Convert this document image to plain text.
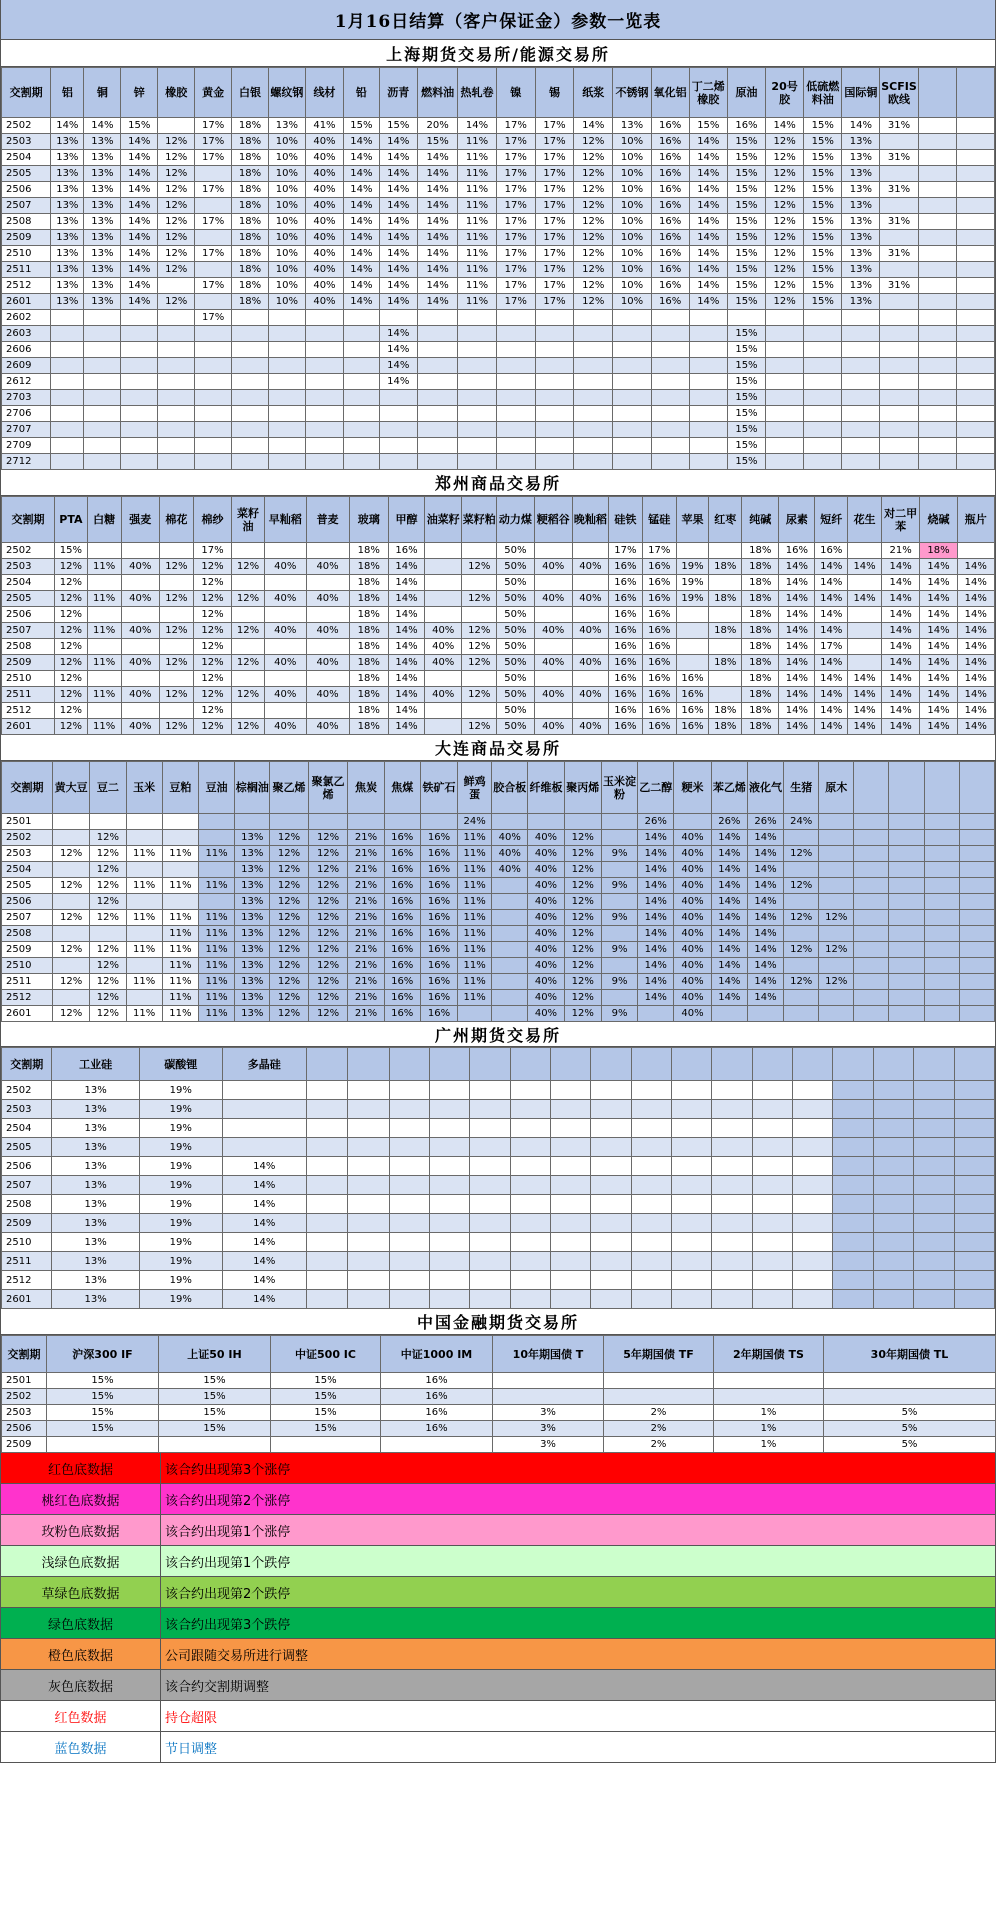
1月16日结算（客户保证金）参数一览表
上海期货交易所/能源交易所
交割期	铝	铜	锌	橡胶	黄金	白银	螺纹钢	线材	铅	沥青	燃料油	热轧卷	镍	锡	纸浆	不锈钢	氧化铝	丁二烯橡胶	原油	20号胶	低硫燃料油	国际铜	SCFIS欧线		
2502	14%	14%	15%		17%	18%	13%	41%	15%	15%	20%	14%	17%	17%	14%	13%	16%	15%	16%	14%	15%	14%	31%		
2503	13%	13%	14%	12%	17%	18%	10%	40%	14%	14%	15%	11%	17%	17%	12%	10%	16%	14%	15%	12%	15%	13%			
2504	13%	13%	14%	12%	17%	18%	10%	40%	14%	14%	14%	11%	17%	17%	12%	10%	16%	14%	15%	12%	15%	13%	31%		
2505	13%	13%	14%	12%		18%	10%	40%	14%	14%	14%	11%	17%	17%	12%	10%	16%	14%	15%	12%	15%	13%			
2506	13%	13%	14%	12%	17%	18%	10%	40%	14%	14%	14%	11%	17%	17%	12%	10%	16%	14%	15%	12%	15%	13%	31%		
2507	13%	13%	14%	12%		18%	10%	40%	14%	14%	14%	11%	17%	17%	12%	10%	16%	14%	15%	12%	15%	13%			
2508	13%	13%	14%	12%	17%	18%	10%	40%	14%	14%	14%	11%	17%	17%	12%	10%	16%	14%	15%	12%	15%	13%	31%		
2509	13%	13%	14%	12%		18%	10%	40%	14%	14%	14%	11%	17%	17%	12%	10%	16%	14%	15%	12%	15%	13%			
2510	13%	13%	14%	12%	17%	18%	10%	40%	14%	14%	14%	11%	17%	17%	12%	10%	16%	14%	15%	12%	15%	13%	31%		
2511	13%	13%	14%	12%		18%	10%	40%	14%	14%	14%	11%	17%	17%	12%	10%	16%	14%	15%	12%	15%	13%			
2512	13%	13%	14%		17%	18%	10%	40%	14%	14%	14%	11%	17%	17%	12%	10%	16%	14%	15%	12%	15%	13%	31%		
2601	13%	13%	14%	12%		18%	10%	40%	14%	14%	14%	11%	17%	17%	12%	10%	16%	14%	15%	12%	15%	13%			
2602					17%																				
2603										14%									15%						
2606										14%									15%						
2609										14%									15%						
2612										14%									15%						
2703																			15%						
2706																			15%						
2707																			15%						
2709																			15%						
2712																			15%						
郑州商品交易所
交割期	PTA	白糖	强麦	棉花	棉纱	菜籽油	早籼稻	普麦	玻璃	甲醇	油菜籽	菜籽粕	动力煤	粳稻谷	晚籼稻	硅铁	锰硅	苹果	红枣	纯碱	尿素	短纤	花生	对二甲苯	烧碱	瓶片
2502	15%				17%				18%	16%			50%			17%	17%			18%	16%	16%		21%	18%	
2503	12%	11%	40%	12%	12%	12%	40%	40%	18%	14%		12%	50%	40%	40%	16%	16%	19%	18%	18%	14%	14%	14%	14%	14%	14%
2504	12%				12%				18%	14%			50%			16%	16%	19%		18%	14%	14%		14%	14%	14%
2505	12%	11%	40%	12%	12%	12%	40%	40%	18%	14%		12%	50%	40%	40%	16%	16%	19%	18%	18%	14%	14%	14%	14%	14%	14%
2506	12%				12%				18%	14%			50%			16%	16%			18%	14%	14%		14%	14%	14%
2507	12%	11%	40%	12%	12%	12%	40%	40%	18%	14%	40%	12%	50%	40%	40%	16%	16%		18%	18%	14%	14%		14%	14%	14%
2508	12%				12%				18%	14%	40%	12%	50%			16%	16%			18%	14%	17%		14%	14%	14%
2509	12%	11%	40%	12%	12%	12%	40%	40%	18%	14%	40%	12%	50%	40%	40%	16%	16%		18%	18%	14%	14%		14%	14%	14%
2510	12%				12%				18%	14%			50%			16%	16%	16%		18%	14%	14%	14%	14%	14%	14%
2511	12%	11%	40%	12%	12%	12%	40%	40%	18%	14%	40%	12%	50%	40%	40%	16%	16%	16%		18%	14%	14%	14%	14%	14%	14%
2512	12%				12%				18%	14%			50%			16%	16%	16%	18%	18%	14%	14%	14%	14%	14%	14%
2601	12%	11%	40%	12%	12%	12%	40%	40%	18%	14%		12%	50%	40%	40%	16%	16%	16%	18%	18%	14%	14%	14%	14%	14%	14%
大连商品交易所
交割期	黄大豆	豆二	玉米	豆粕	豆油	棕榈油	聚乙烯	聚氯乙烯	焦炭	焦煤	铁矿石	鲜鸡蛋	胶合板	纤维板	聚丙烯	玉米淀粉	乙二醇	粳米	苯乙烯	液化气	生猪	原木				
2501												24%					26%		26%	26%	24%					
2502		12%				13%	12%	12%	21%	16%	16%	11%	40%	40%	12%		14%	40%	14%	14%						
2503	12%	12%	11%	11%	11%	13%	12%	12%	21%	16%	16%	11%	40%	40%	12%	9%	14%	40%	14%	14%	12%					
2504		12%				13%	12%	12%	21%	16%	16%	11%	40%	40%	12%		14%	40%	14%	14%						
2505	12%	12%	11%	11%	11%	13%	12%	12%	21%	16%	16%	11%		40%	12%	9%	14%	40%	14%	14%	12%					
2506		12%				13%	12%	12%	21%	16%	16%	11%		40%	12%		14%	40%	14%	14%						
2507	12%	12%	11%	11%	11%	13%	12%	12%	21%	16%	16%	11%		40%	12%	9%	14%	40%	14%	14%	12%	12%				
2508				11%	11%	13%	12%	12%	21%	16%	16%	11%		40%	12%		14%	40%	14%	14%						
2509	12%	12%	11%	11%	11%	13%	12%	12%	21%	16%	16%	11%		40%	12%	9%	14%	40%	14%	14%	12%	12%				
2510		12%		11%	11%	13%	12%	12%	21%	16%	16%	11%		40%	12%		14%	40%	14%	14%						
2511	12%	12%	11%	11%	11%	13%	12%	12%	21%	16%	16%	11%		40%	12%	9%	14%	40%	14%	14%	12%	12%				
2512		12%		11%	11%	13%	12%	12%	21%	16%	16%	11%		40%	12%		14%	40%	14%	14%						
2601	12%	12%	11%	11%	11%	13%	12%	12%	21%	16%	16%			40%	12%	9%		40%								
广州期货交易所
交割期	工业硅	碳酸锂	多晶硅																	
2502	13%	19%																		
2503	13%	19%																		
2504	13%	19%																		
2505	13%	19%																		
2506	13%	19%	14%																	
2507	13%	19%	14%																	
2508	13%	19%	14%																	
2509	13%	19%	14%																	
2510	13%	19%	14%																	
2511	13%	19%	14%																	
2512	13%	19%	14%																	
2601	13%	19%	14%																	
中国金融期货交易所
交割期	沪深300 IF	上证50 IH	中证500 IC	中证1000 IM	10年期国债 T	5年期国债 TF	2年期国债 TS	30年期国债 TL
2501	15%	15%	15%	16%				
2502	15%	15%	15%	16%				
2503	15%	15%	15%	16%	3%	2%	1%	5%
2506	15%	15%	15%	16%	3%	2%	1%	5%
2509					3%	2%	1%	5%
红色底数据	该合约出现第3个涨停
桃红色底数据	该合约出现第2个涨停
玫粉色底数据	该合约出现第1个涨停
浅绿色底数据	该合约出现第1个跌停
草绿色底数据	该合约出现第2个跌停
绿色底数据	该合约出现第3个跌停
橙色底数据	公司跟随交易所进行调整
灰色底数据	该合约交割期调整
红色数据	持仓超限
蓝色数据	节日调整
